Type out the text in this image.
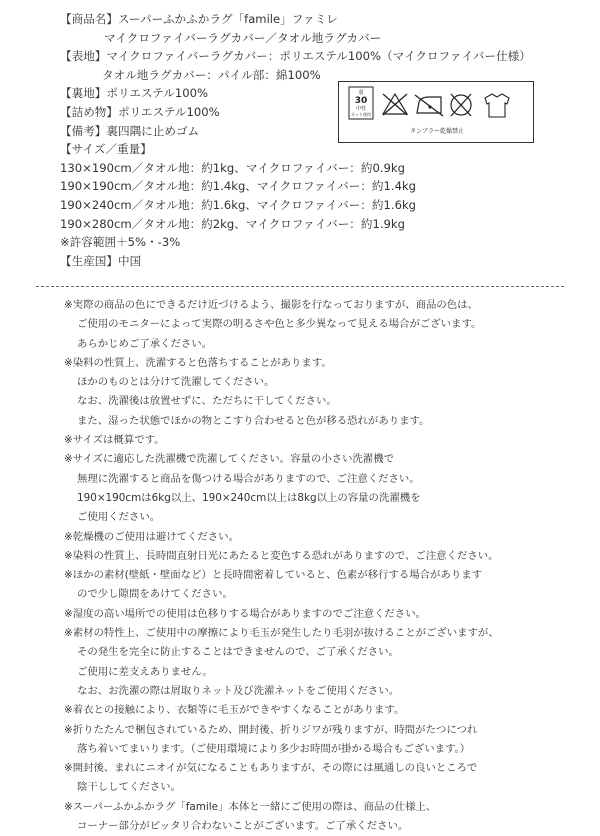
【商品名】スーパーふかふかラグ「famile」ファミレ
マイクロファイバーラグカバー／タオル地ラグカバー
【表地】マイクロファイバーラグカバー：ポリエステル100%（マイクロファイバー仕様）
タオル地ラグカバー：パイル部：綿100%
【裏地】ポリエステル100%
【詰め物】ポリエステル100%
【備考】裏四隅に止めゴム
【サイズ／重量】
130×190cm／タオル地：約1kg、マイクロファイバー：約0.9kg
190×190cm／タオル地：約1.4kg、マイクロファイバー：約1.4kg
190×240cm／タオル地：約1.6kg、マイクロファイバー：約1.6kg
190×280cm／タオル地：約2kg、マイクロファイバー：約1.9kg
※許容範囲＋5%・-3%
【生産国】中国
弱
30
中性
ネット使用
タンブラー乾燥禁止
※実際の商品の色にできるだけ近づけるよう、撮影を行なっておりますが、商品の色は、
ご使用のモニターによって実際の明るさや色と多少異なって見える場合がございます。
あらかじめご了承ください。
※染料の性質上、洗濯すると色落ちすることがあります。
ほかのものとは分けて洗濯してください。
なお、洗濯後は放置せずに、ただちに干してください。
また、湿った状態でほかの物とこすり合わせると色が移る恐れがあります。
※サイズは概算です。
※サイズに適応した洗濯機で洗濯してください。容量の小さい洗濯機で
無理に洗濯すると商品を傷つける場合がありますので、ご注意ください。
190×190cmは6kg以上、190×240cm以上は8kg以上の容量の洗濯機を
ご使用ください。
※乾燥機のご使用は避けてください。
※染料の性質上、長時間直射日光にあたると変色する恐れがありますので、ご注意ください。
※ほかの素材(壁紙・壁面など）と長時間密着していると、色素が移行する場合があります
ので少し隙間をあけてください。
※湿度の高い場所での使用は色移りする場合がありますのでご注意ください。
※素材の特性上、ご使用中の摩擦により毛玉が発生したり毛羽が抜けることがございますが、
その発生を完全に防止することはできませんので、ご了承ください。
ご使用に差支えありません。
なお、お洗濯の際は屑取りネット及び洗濯ネットをご使用ください。
※着衣との接触により、衣類等に毛玉ができやすくなることがあります。
※折りたたんで梱包されているため、開封後、折りジワが残りますが、時間がたつにつれ
落ち着いてまいります。（ご使用環境により多少お時間が掛かる場合もございます。）
※開封後、まれにニオイが気になることもありますが、その際には風通しの良いところで
陰干ししてください。
※スーパーふかふかラグ「famile」本体と一緒にご使用の際は、商品の仕様上、
コーナー部分がピッタリ合わないことがございます。ご了承ください。
